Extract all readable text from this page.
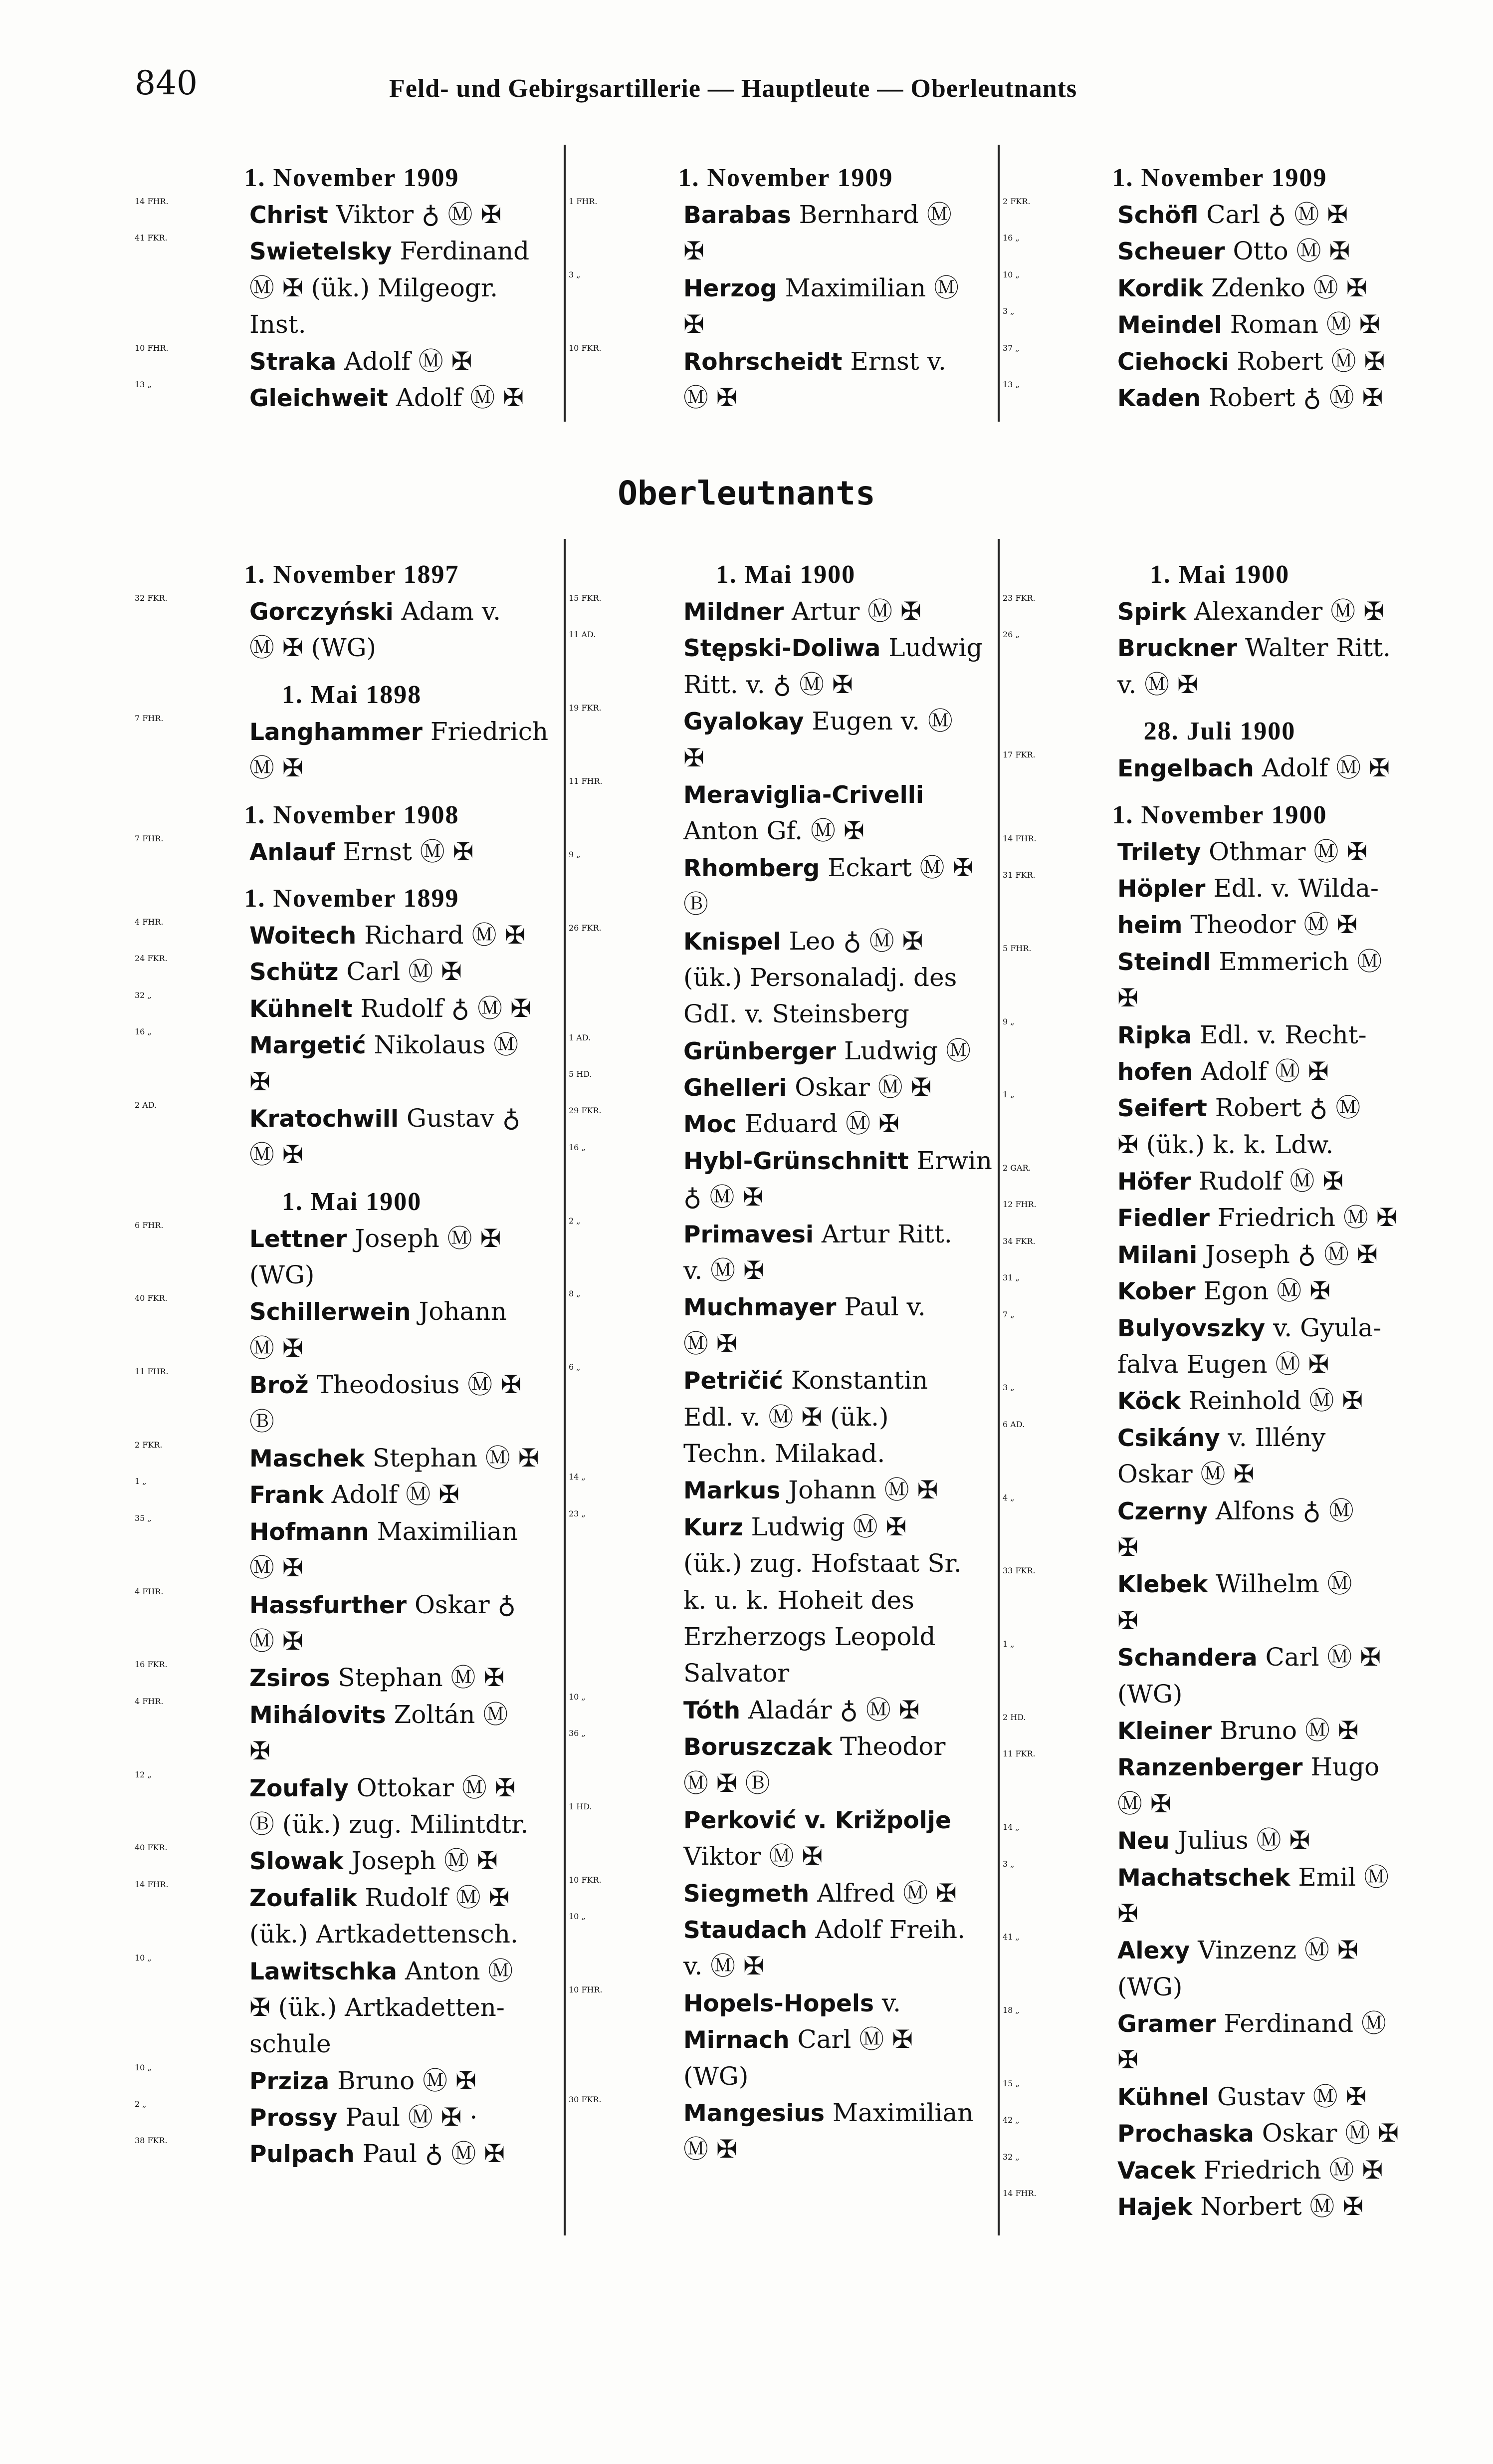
840	Feld- und Gebirgsartillerie — Hauptleute — Oberleutnants
Oberleutnants
1. November 1909
14 FHR.
Christ Viktor ♁ Ⓜ ✠
41 FKR.
Swietelsky Ferdinand
Ⓜ ✠ (ük.) Milgeogr.
Inst.
10 FHR.
Straka Adolf Ⓜ ✠
13 „
Gleichweit Adolf Ⓜ ✠
1. November 1909
1 FHR.
Barabas Bernhard Ⓜ
✠
3 „
Herzog Maximilian Ⓜ
✠
10 FKR.
Rohrscheidt Ernst v.
Ⓜ ✠
1. November 1909
2 FKR.
Schöfl Carl ♁ Ⓜ ✠
16 „
Scheuer Otto Ⓜ ✠
10 „
Kordik Zdenko Ⓜ ✠
3 „
Meindel Roman Ⓜ ✠
37 „
Ciehocki Robert Ⓜ ✠
13 „
Kaden Robert ♁ Ⓜ ✠
1. November 1897
32 FKR.
Gorczyński Adam v.
Ⓜ ✠ (WG)
1. Mai 1898
7 FHR.
Langhammer Friedrich
Ⓜ ✠
1. November 1908
7 FHR.
Anlauf Ernst Ⓜ ✠
1. November 1899
4 FHR.
Woitech Richard Ⓜ ✠
24 FKR.
Schütz Carl Ⓜ ✠
32 „
Kühnelt Rudolf ♁ Ⓜ ✠
16 „
Margetić Nikolaus Ⓜ
✠
2 AD.
Kratochwill Gustav ♁
Ⓜ ✠
1. Mai 1900
6 FHR.
Lettner Joseph Ⓜ ✠
(WG)
40 FKR.
Schillerwein Johann
Ⓜ ✠
11 FHR.
Brož Theodosius Ⓜ ✠
Ⓑ
2 FKR.
Maschek Stephan Ⓜ ✠
1 „
Frank Adolf Ⓜ ✠
35 „
Hofmann Maximilian
Ⓜ ✠
4 FHR.
Hassfurther Oskar ♁
Ⓜ ✠
16 FKR.
Zsiros Stephan Ⓜ ✠
4 FHR.
Mihálovits Zoltán Ⓜ
✠
12 „
Zoufaly Ottokar Ⓜ ✠
Ⓑ (ük.) zug. Milintdtr.
40 FKR.
Slowak Joseph Ⓜ ✠
14 FHR.
Zoufalik Rudolf Ⓜ ✠
(ük.) Artkadettensch.
10 „
Lawitschka Anton Ⓜ
✠ (ük.) Artkadetten-
schule
10 „
Prziza Bruno Ⓜ ✠
2 „
Prossy Paul Ⓜ ✠ ·
38 FKR.
Pulpach Paul ♁ Ⓜ ✠
1. Mai 1900
15 FKR.
Mildner Artur Ⓜ ✠
11 AD.
Stępski-Doliwa Ludwig
Ritt. v. ♁ Ⓜ ✠
19 FKR.
Gyalokay Eugen v. Ⓜ
✠
11 FHR.
Meraviglia-Crivelli
Anton Gf. Ⓜ ✠
9 „
Rhomberg Eckart Ⓜ ✠
Ⓑ
26 FKR.
Knispel Leo ♁ Ⓜ ✠
(ük.) Personaladj. des
GdI. v. Steinsberg
1 AD.
Grünberger Ludwig Ⓜ
5 HD.
Ghelleri Oskar Ⓜ ✠
29 FKR.
Moc Eduard Ⓜ ✠
16 „
Hybl-Grünschnitt Erwin
♁ Ⓜ ✠
2 „
Primavesi Artur Ritt.
v. Ⓜ ✠
8 „
Muchmayer Paul v.
Ⓜ ✠
6 „
Petričić Konstantin
Edl. v. Ⓜ ✠ (ük.)
Techn. Milakad.
14 „
Markus Johann Ⓜ ✠
23 „
Kurz Ludwig Ⓜ ✠
(ük.) zug. Hofstaat Sr.
k. u. k. Hoheit des
Erzherzogs Leopold
Salvator
10 „
Tóth Aladár ♁ Ⓜ ✠
36 „
Boruszczak Theodor
Ⓜ ✠ Ⓑ
1 HD.
Perković v. Križpolje
Viktor Ⓜ ✠
10 FKR.
Siegmeth Alfred Ⓜ ✠
10 „
Staudach Adolf Freih.
v. Ⓜ ✠
10 FHR.
Hopels-Hopels v.
Mirnach Carl Ⓜ ✠
(WG)
30 FKR.
Mangesius Maximilian
Ⓜ ✠
1. Mai 1900
23 FKR.
Spirk Alexander Ⓜ ✠
26 „
Bruckner Walter Ritt.
v. Ⓜ ✠
28. Juli 1900
17 FKR.
Engelbach Adolf Ⓜ ✠
1. November 1900
14 FHR.
Trilety Othmar Ⓜ ✠
31 FKR.
Höpler Edl. v. Wilda-
heim Theodor Ⓜ ✠
5 FHR.
Steindl Emmerich Ⓜ
✠
9 „
Ripka Edl. v. Recht-
hofen Adolf Ⓜ ✠
1 „
Seifert Robert ♁ Ⓜ
✠ (ük.) k. k. Ldw.
2 GAR.
Höfer Rudolf Ⓜ ✠
12 FHR.
Fiedler Friedrich Ⓜ ✠
34 FKR.
Milani Joseph ♁ Ⓜ ✠
31 „
Kober Egon Ⓜ ✠
7 „
Bulyovszky v. Gyula-
falva Eugen Ⓜ ✠
3 „
Köck Reinhold Ⓜ ✠
6 AD.
Csikány v. Illény
Oskar Ⓜ ✠
4 „
Czerny Alfons ♁ Ⓜ
✠
33 FKR.
Klebek Wilhelm Ⓜ
✠
1 „
Schandera Carl Ⓜ ✠
(WG)
2 HD.
Kleiner Bruno Ⓜ ✠
11 FKR.
Ranzenberger Hugo
Ⓜ ✠
14 „
Neu Julius Ⓜ ✠
3 „
Machatschek Emil Ⓜ
✠
41 „
Alexy Vinzenz Ⓜ ✠
(WG)
18 „
Gramer Ferdinand Ⓜ
✠
15 „
Kühnel Gustav Ⓜ ✠
42 „
Prochaska Oskar Ⓜ ✠
32 „
Vacek Friedrich Ⓜ ✠
14 FHR.
Hajek Norbert Ⓜ ✠
